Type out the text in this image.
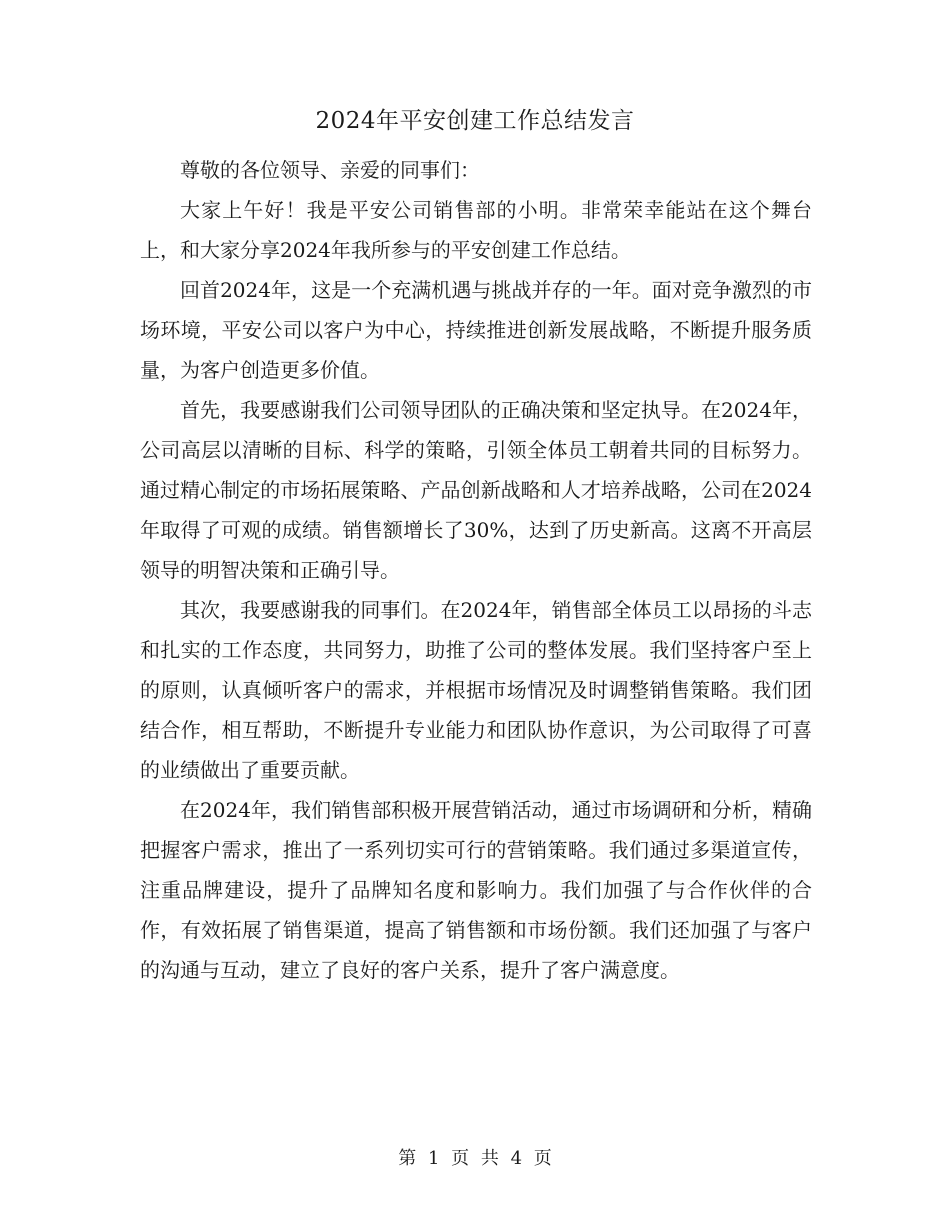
2024年平安创建工作总结发言

尊敬的各位领导、亲爱的同事们：

大家上午好！我是平安公司销售部的小明。非常荣幸能站在这个舞台上，和大家分享2024年我所参与的平安创建工作总结。

回首2024年，这是一个充满机遇与挑战并存的一年。面对竞争激烈的市场环境，平安公司以客户为中心，持续推进创新发展战略，不断提升服务质量，为客户创造更多价值。

首先，我要感谢我们公司领导团队的正确决策和坚定执导。在2024年，公司高层以清晰的目标、科学的策略，引领全体员工朝着共同的目标努力。通过精心制定的市场拓展策略、产品创新战略和人才培养战略，公司在2024年取得了可观的成绩。销售额增长了30%，达到了历史新高。这离不开高层领导的明智决策和正确引导。

其次，我要感谢我的同事们。在2024年，销售部全体员工以昂扬的斗志和扎实的工作态度，共同努力，助推了公司的整体发展。我们坚持客户至上的原则，认真倾听客户的需求，并根据市场情况及时调整销售策略。我们团结合作，相互帮助，不断提升专业能力和团队协作意识，为公司取得了可喜的业绩做出了重要贡献。

在2024年，我们销售部积极开展营销活动，通过市场调研和分析，精确把握客户需求，推出了一系列切实可行的营销策略。我们通过多渠道宣传，注重品牌建设，提升了品牌知名度和影响力。我们加强了与合作伙伴的合作，有效拓展了销售渠道，提高了销售额和市场份额。我们还加强了与客户的沟通与互动，建立了良好的客户关系，提升了客户满意度。

第 1 页 共 4 页
